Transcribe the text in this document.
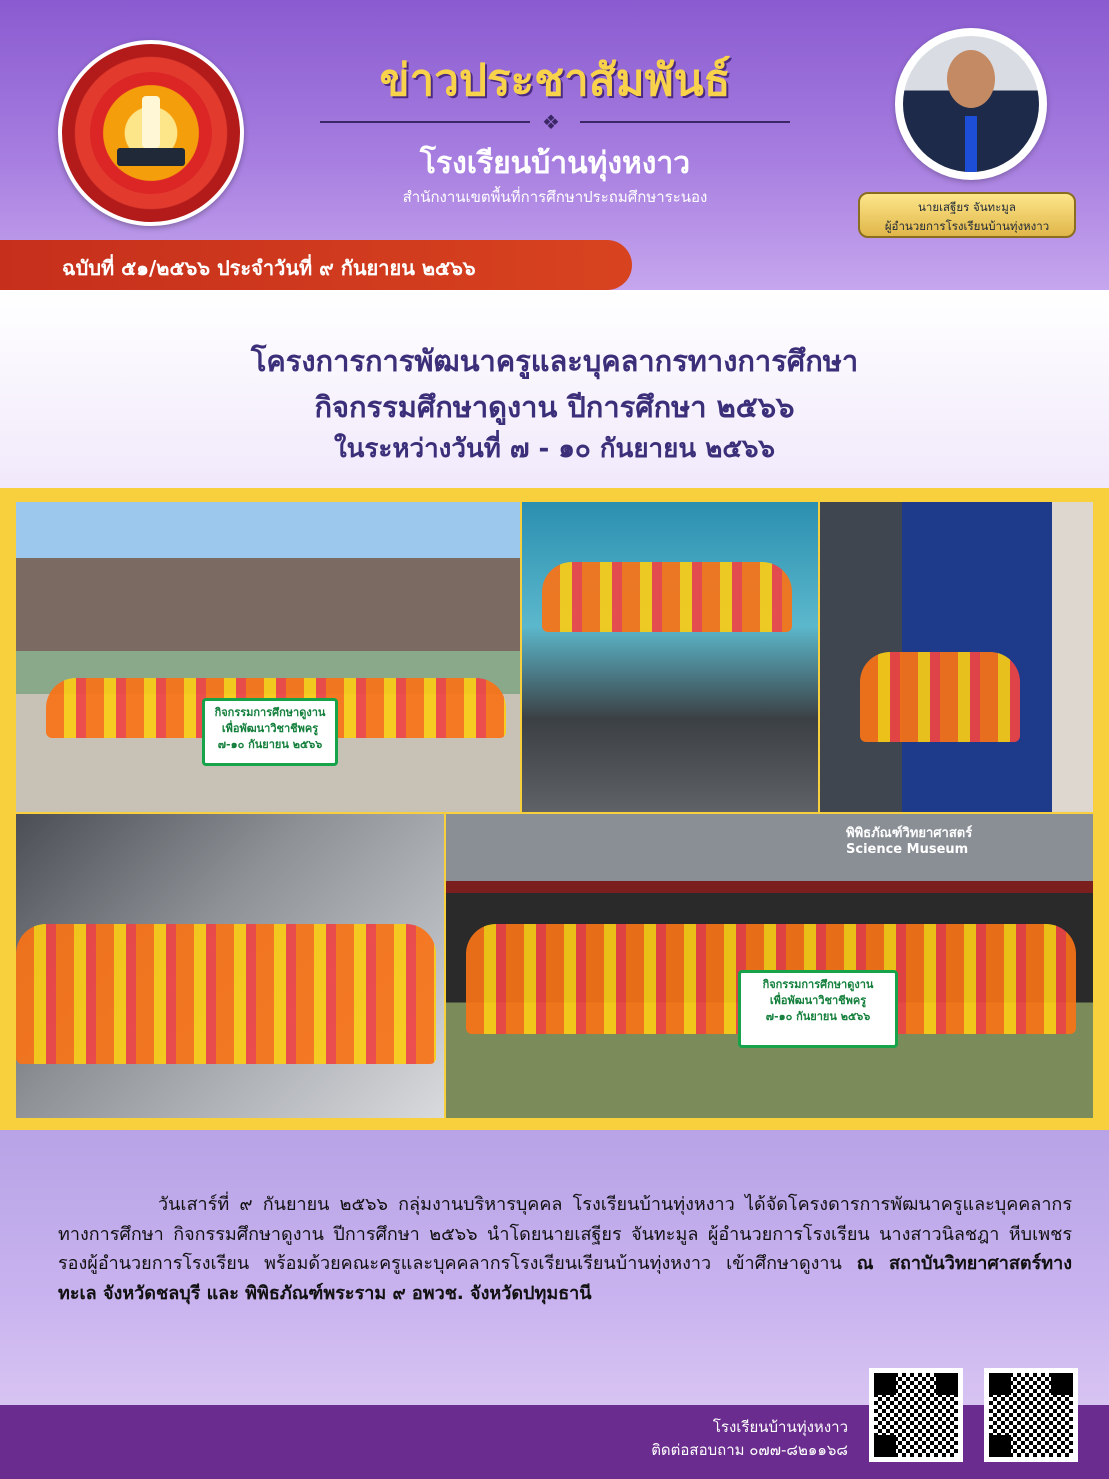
ข่าวประชาสัมพันธ์
❖
โรงเรียนบ้านทุ่งหงาว
สำนักงานเขตพื้นที่การศึกษาประถมศึกษาระนอง
นายเสฐียร จันทะมูล
ผู้อำนวยการโรงเรียนบ้านทุ่งหงาว
ฉบับที่ ๕๑/๒๕๖๖ ประจำวันที่ ๙ กันยายน ๒๕๖๖
โครงการการพัฒนาครูและบุคลากรทางการศึกษา
กิจกรรมศึกษาดูงาน ปีการศึกษา ๒๕๖๖
ในระหว่างวันที่ ๗ - ๑๐ กันยายน ๒๕๖๖
กิจกรรมการศึกษาดูงาน
เพื่อพัฒนาวิชาชีพครู
๗-๑๐ กันยายน ๒๕๖๖
พิพิธภัณฑ์วิทยาศาสตร์
Science Museum
กิจกรรมการศึกษาดูงาน
เพื่อพัฒนาวิชาชีพครู
๗-๑๐ กันยายน ๒๕๖๖
วันเสาร์ที่ ๙ กันยายน ๒๕๖๖ กลุ่มงานบริหารบุคคล โรงเรียนบ้านทุ่งหงาว ได้จัดโครงดารการพัฒนาครูและบุคคลากรทางการศึกษา กิจกรรมศึกษาดูงาน ปีการศึกษา ๒๕๖๖ นำโดยนายเสฐียร จันทะมูล ผู้อำนวยการโรงเรียน นางสาวนิลชฎา หีบเพชร รองผู้อำนวยการโรงเรียน พร้อมด้วยคณะครูและบุคคลากรโรงเรียนเรียนบ้านทุ่งหงาว เข้าศึกษาดูงาน ณ สถาบันวิทยาศาสตร์ทางทะเล จังหวัดชลบุรี และ พิพิธภัณฑ์พระราม ๙ อพวช. จังหวัดปทุมธานี
โรงเรียนบ้านทุ่งหงาว
ติดต่อสอบถาม ๐๗๗-๘๒๑๑๖๘
